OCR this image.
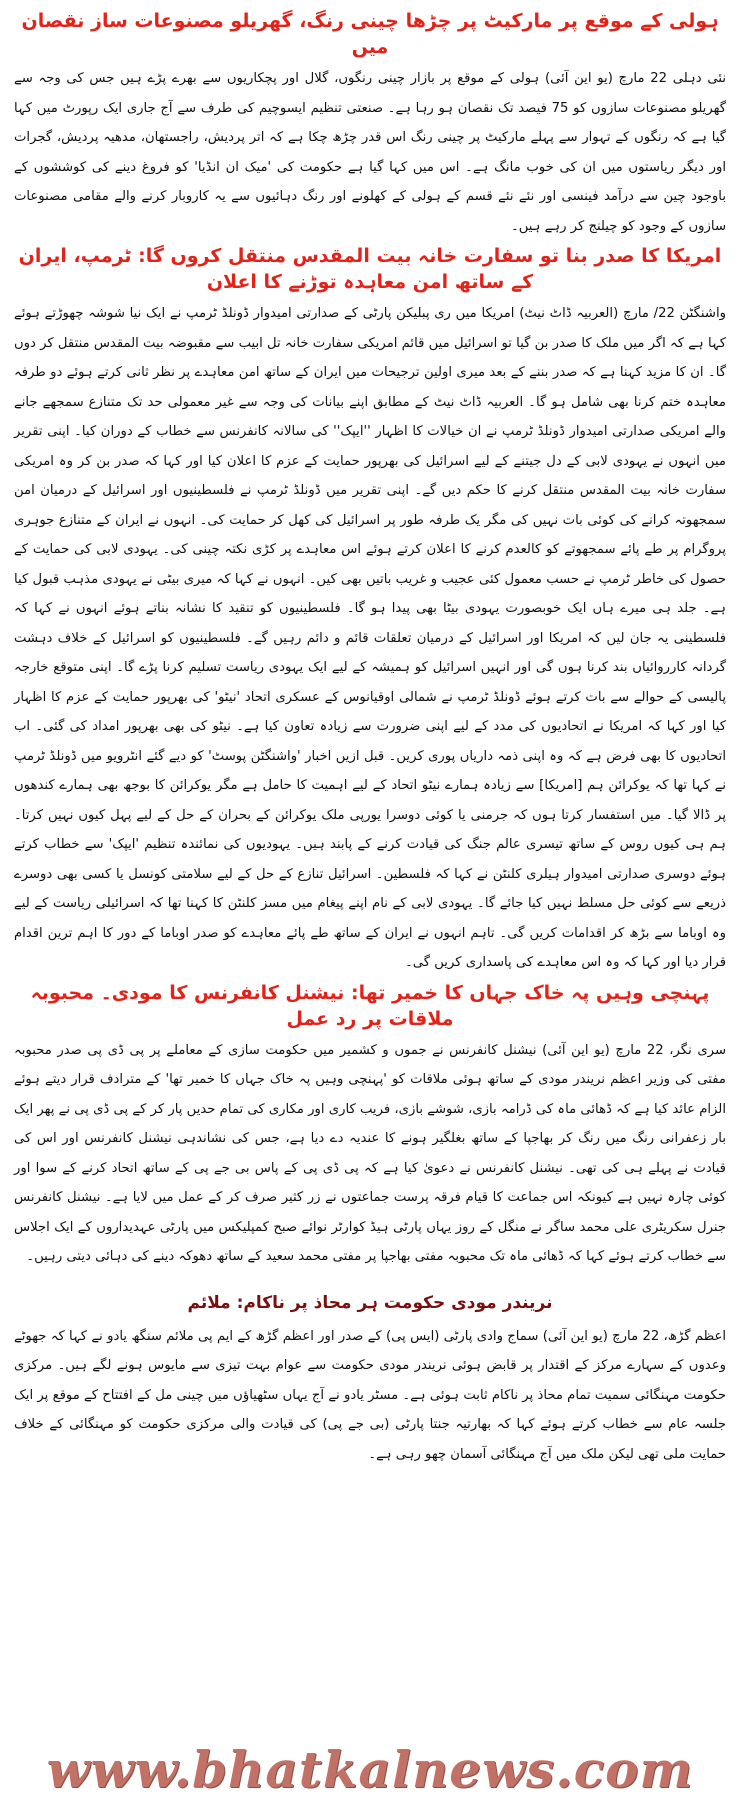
ہولی کے موقع پر مارکیٹ پر چڑھا چینی رنگ، گھریلو مصنوعات ساز نقصان میں

نئی دہلی 22 مارچ (یو این آئی) ہولی کے موقع پر بازار چینی رنگوں، گلال اور پچکاریوں سے بھرے پڑے ہیں جس کی وجہ سے گھریلو مصنوعات سازوں کو 75 فیصد تک نقصان ہو رہا ہے۔ صنعتی تنظیم ایسوچیم کی طرف سے آج جاری ایک رپورٹ میں کہا گیا ہے کہ رنگوں کے تہوار سے پہلے مارکیٹ پر چینی رنگ اس قدر چڑھ چکا ہے کہ اتر پردیش، راجستھان، مدھیہ پردیش، گجرات اور دیگر ریاستوں میں ان کی خوب مانگ ہے۔ اس میں کہا گیا ہے حکومت کی 'میک ان انڈیا' کو فروغ دینے کی کوششوں کے باوجود چین سے درآمد فینسی اور نئے نئے قسم کے ہولی کے کھلونے اور رنگ دہائیوں سے یہ کاروبار کرنے والے مقامی مصنوعات سازوں کے وجود کو چیلنج کر رہے ہیں۔

امریکا کا صدر بنا تو سفارت خانہ بیت المقدس منتقل کروں گا: ٹرمپ، ایران کے ساتھ امن معاہدہ توڑنے کا اعلان

واشنگٹن 22/ مارچ (العربیہ ڈاٹ نیٹ) امریکا میں ری پبلیکن پارٹی کے صدارتی امیدوار ڈونلڈ ٹرمپ نے ایک نیا شوشہ چھوڑتے ہوئے کہا ہے کہ اگر میں ملک کا صدر بن گیا تو اسرائیل میں قائم امریکی سفارت خانہ تل ابیب سے مقبوضہ بیت المقدس منتقل کر دوں گا۔ ان کا مزید کہنا ہے کہ صدر بننے کے بعد میری اولین ترجیحات میں ایران کے ساتھ امن معاہدے پر نظر ثانی کرتے ہوئے دو طرفہ معاہدہ ختم کرنا بھی شامل ہو گا۔ العربیہ ڈاٹ نیٹ کے مطابق اپنے بیانات کی وجہ سے غیر معمولی حد تک متنازع سمجھے جانے والے امریکی صدارتی امیدوار ڈونلڈ ٹرمپ نے ان خیالات کا اظہار ''ایپک'' کی سالانہ کانفرنس سے خطاب کے دوران کیا۔ اپنی تقریر میں انہوں نے یہودی لابی کے دل جیتنے کے لیے اسرائیل کی بھرپور حمایت کے عزم کا اعلان کیا اور کہا کہ صدر بن کر وہ امریکی سفارت خانہ بیت المقدس منتقل کرنے کا حکم دیں گے۔ اپنی تقریر میں ڈونلڈ ٹرمپ نے فلسطینیوں اور اسرائیل کے درمیان امن سمجھوتہ کرانے کی کوئی بات نہیں کی مگر یک طرفہ طور پر اسرائیل کی کھل کر حمایت کی۔ انہوں نے ایران کے متنازع جوہری پروگرام پر طے پائے سمجھوتے کو کالعدم کرنے کا اعلان کرتے ہوئے اس معاہدے پر کڑی نکتہ چینی کی۔ یہودی لابی کی حمایت کے حصول کی خاطر ٹرمپ نے حسب معمول کئی عجیب و غریب باتیں بھی کیں۔ انہوں نے کہا کہ میری بیٹی نے یہودی مذہب قبول کیا ہے۔ جلد ہی میرے ہاں ایک خوبصورت یہودی بیٹا بھی پیدا ہو گا۔ فلسطینیوں کو تنقید کا نشانہ بناتے ہوئے انہوں نے کہا کہ فلسطینی یہ جان لیں کہ امریکا اور اسرائیل کے درمیان تعلقات قائم و دائم رہیں گے۔ فلسطینیوں کو اسرائیل کے خلاف دہشت گردانہ کارروائیاں بند کرنا ہوں گی اور انہیں اسرائیل کو ہمیشہ کے لیے ایک یہودی ریاست تسلیم کرنا پڑے گا۔ اپنی متوقع خارجہ پالیسی کے حوالے سے بات کرتے ہوئے ڈونلڈ ٹرمپ نے شمالی اوقیانوس کے عسکری اتحاد 'نیٹو' کی بھرپور حمایت کے عزم کا اظہار کیا اور کہا کہ امریکا نے اتحادیوں کی مدد کے لیے اپنی ضرورت سے زیادہ تعاون کیا ہے۔ نیٹو کی بھی بھرپور امداد کی گئی۔ اب اتحادیوں کا بھی فرض ہے کہ وہ اپنی ذمہ داریاں پوری کریں۔ قبل ازیں اخبار 'واشنگٹن پوسٹ' کو دیے گئے انٹرویو میں ڈونلڈ ٹرمپ نے کہا تھا کہ یوکرائن ہم [امریکا] سے زیادہ ہمارے نیٹو اتحاد کے لیے اہمیت کا حامل ہے مگر یوکرائن کا بوجھ بھی ہمارے کندھوں پر ڈالا گیا۔ میں استفسار کرتا ہوں کہ جرمنی یا کوئی دوسرا یورپی ملک یوکرائن کے بحران کے حل کے لیے پہل کیوں نہیں کرتا۔ ہم ہی کیوں روس کے ساتھ تیسری عالم جنگ کی قیادت کرنے کے پابند ہیں۔ یہودیوں کی نمائندہ تنظیم 'ایپک' سے خطاب کرتے ہوئے دوسری صدارتی امیدوار ہیلری کلنٹن نے کہا کہ فلسطین۔ اسرائیل تنازع کے حل کے لیے سلامتی کونسل یا کسی بھی دوسرے ذریعے سے کوئی حل مسلط نہیں کیا جائے گا۔ یہودی لابی کے نام اپنے پیغام میں مسز کلنٹن کا کہنا تھا کہ اسرائیلی ریاست کے لیے وہ اوباما سے بڑھ کر اقدامات کریں گی۔ تاہم انہوں نے ایران کے ساتھ طے پائے معاہدے کو صدر اوباما کے دور کا اہم ترین اقدام قرار دیا اور کہا کہ وہ اس معاہدے کی پاسداری کریں گی۔

پہنچی وہیں پہ خاک جہاں کا خمیر تھا: نیشنل کانفرنس کا مودی۔ محبوبہ ملاقات پر رد عمل

سری نگر، 22 مارچ (یو این آئی) نیشنل کانفرنس نے جموں و کشمیر میں حکومت سازی کے معاملے پر پی ڈی پی صدر محبوبہ مفتی کی وزیر اعظم نریندر مودی کے ساتھ ہوئی ملاقات کو 'پہنچی وہیں پہ خاک جہاں کا خمیر تھا' کے مترادف قرار دیتے ہوئے الزام عائد کیا ہے کہ ڈھائی ماہ کی ڈرامہ بازی، شوشے بازی، فریب کاری اور مکاری کی تمام حدیں پار کر کے پی ڈی پی نے پھر ایک بار زعفرانی رنگ میں رنگ کر بھاجپا کے ساتھ بغلگیر ہونے کا عندیہ دے دیا ہے، جس کی نشاندہی نیشنل کانفرنس اور اس کی قیادت نے پہلے ہی کی تھی۔ نیشنل کانفرنس نے دعویٰ کیا ہے کہ پی ڈی پی کے پاس بی جے پی کے ساتھ اتحاد کرنے کے سوا اور کوئی چارہ نہیں ہے کیونکہ اس جماعت کا قیام فرقہ پرست جماعتوں نے زر کثیر صرف کر کے عمل میں لایا ہے۔ نیشنل کانفرنس جنرل سکریٹری علی محمد ساگر نے منگل کے روز یہاں پارٹی ہیڈ کوارٹر نوائے صبح کمپلیکس میں پارٹی عہدیداروں کے ایک اجلاس سے خطاب کرتے ہوئے کہا کہ ڈھائی ماہ تک محبوبہ مفتی بھاجپا پر مفتی محمد سعید کے ساتھ دھوکہ دینے کی دہائی دیتی رہیں۔

نریندر مودی حکومت ہر محاذ پر ناکام: ملائم

اعظم گڑھ، 22 مارچ (یو این آئی) سماج وادی پارٹی (ایس پی) کے صدر اور اعظم گڑھ کے ایم پی ملائم سنگھ یادو نے کہا کہ جھوٹے وعدوں کے سہارے مرکز کے اقتدار پر قابض ہوئی نریندر مودی حکومت سے عوام بہت تیزی سے مایوس ہونے لگے ہیں۔ مرکزی حکومت مہنگائی سمیت تمام محاذ پر ناکام ثابت ہوئی ہے۔ مسٹر یادو نے آج یہاں سٹھیاؤں میں چینی مل کے افتتاح کے موقع پر ایک جلسہ عام سے خطاب کرتے ہوئے کہا کہ بھارتیہ جنتا پارٹی (بی جے پی) کی قیادت والی مرکزی حکومت کو مہنگائی کے خلاف حمایت ملی تھی لیکن ملک میں آج مہنگائی آسمان چھو رہی ہے۔

www.bhatkalnews.com
